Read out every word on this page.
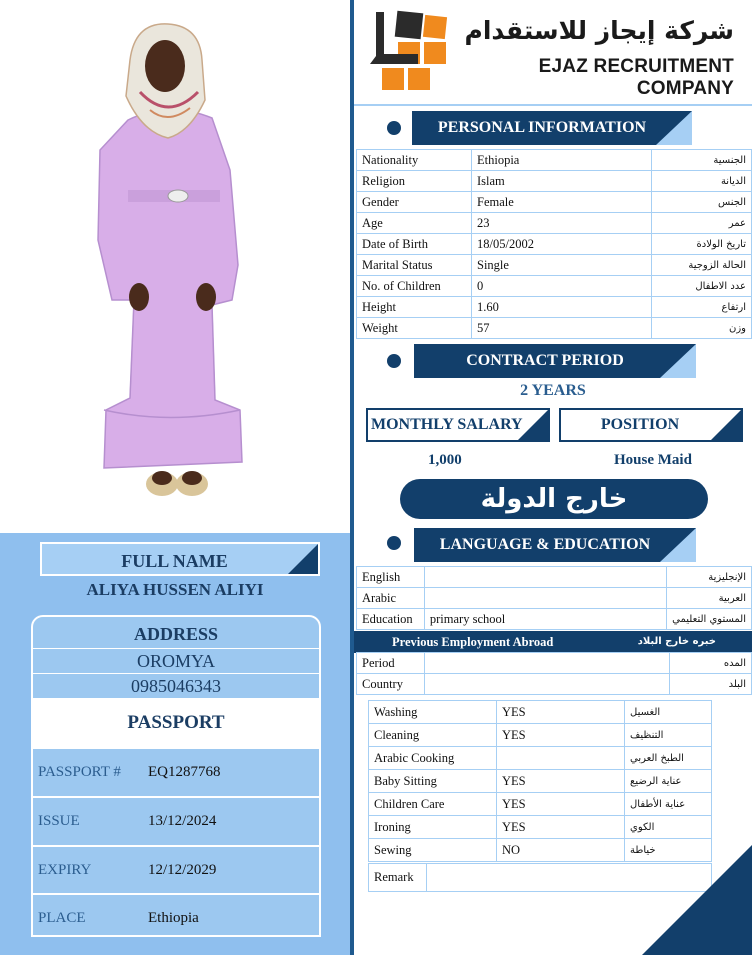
FULL NAME
ALIYA HUSSEN ALIYI
ADDRESS
OROMYA
0985046343
PASSPORT
PASSPORT # EQ1287768
ISSUE	13/12/2024
EXPIRY	12/12/2029
PLACE	Ethiopia
شركة إيجاز للاستقدام
EJAZ RECRUITMENT COMPANY
PERSONAL INFORMATION
Nationality	Ethiopia	الجنسية
Religion	Islam	الديانة
Gender	Female	الجنس
Age	23	عمر
Date of Birth	18/05/2002	تاريخ الولادة
Marital Status	Single	الحالة الزوجية
No. of Children	0	عدد الاطفال
Height	1.60	ارتفاع
Weight	57	وزن
CONTRACT PERIOD
2 YEARS
MONTHLY SALARY	POSITION
1,000	House Maid
خارج الدولة
LANGUAGE & EDUCATION
English		الإنجليزية
Arabic		العربية
Education	primary school	المستوي التعليمي
Previous Employment Abroad	خبره خارج البلاد
Period		المده
Country		البلد
Washing	YES	الغسيل
Cleaning	YES	التنظيف
Arabic Cooking		الطبخ العربي
Baby Sitting	YES	عناية الرضيع
Children Care	YES	عناية الأطفال
Ironing	YES	الكوي
Sewing	NO	خياطة
Remark	
